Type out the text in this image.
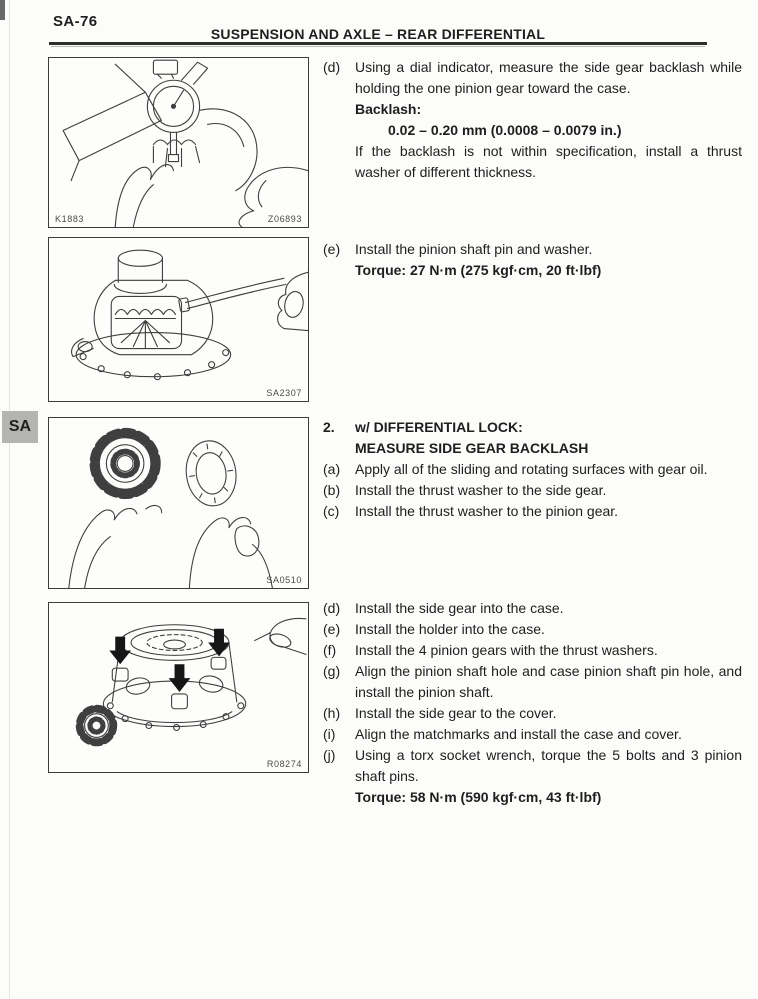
SA-76
SUSPENSION AND AXLE – REAR DIFFERENTIAL
SA
K1883	Z06893
SA2307
SA0510
R08274
(d)	Using a dial indicator, measure the side gear backlash while holding the one pinion gear toward the case.
Backlash:
0.02 – 0.20 mm (0.0008 – 0.0079 in.)
If the backlash is not within specification, install a thrust washer of different thickness.
(e)	Install the pinion shaft pin and washer.
Torque: 27 N·m (275 kgf·cm, 20 ft·lbf)
2.	w/ DIFFERENTIAL LOCK:
MEASURE SIDE GEAR BACKLASH
(a)	Apply all of the sliding and rotating surfaces with gear oil.
(b)	Install the thrust washer to the side gear.
(c)	Install the thrust washer to the pinion gear.
(d)	Install the side gear into the case.
(e)	Install the holder into the case.
(f)	Install the 4 pinion gears with the thrust washers.
(g)	Align the pinion shaft hole and case pinion shaft pin hole, and install the pinion shaft.
(h)	Install the side gear to the cover.
(i)	Align the matchmarks and install the case and cover.
(j)	Using a torx socket wrench, torque the 5 bolts and 3 pinion shaft pins.
Torque: 58 N·m (590 kgf·cm, 43 ft·lbf)
